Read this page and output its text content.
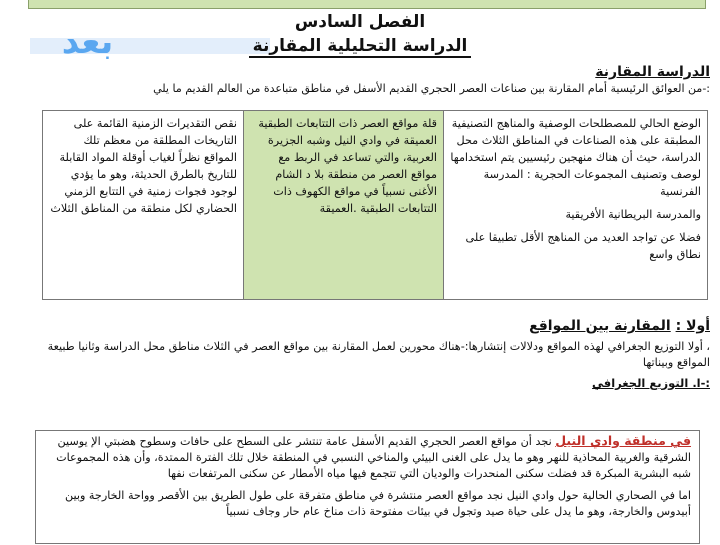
بعد	الفصل السادس
الدراسة التحليلية المقارنة
الدراسة المقارنة
:-من العوائق الرئيسية أمام المقارنة بين صناعات العصر الحجري القديم الأسفل في مناطق متباعدة من العالم القديم ما يلي

الوضع الحالي للمصطلحات الوصفية والمناهج التصنيفية المطبقة على هذه الصناعات في المناطق الثلاث محل الدراسة، حيث أن هناك منهجين رئيسيين يتم استخدامها لوصف وتصنيف المجموعات الحجرية : المدرسة الفرنسية

والمدرسة البريطانية الأفريقية

فضلا عن تواجد العديد من المناهج الأقل تطبيقا على نطاق واسع

قلة مواقع العصر ذات التتابعات الطبقية العميقة في وادي النيل وشبه الجزيرة العربية، والتي تساعد في الربط مع مواقع العصر من منطقة بلا د الشام الأغنى نسبياً في مواقع الكهوف ذات التتابعات الطبقية .العميقة

نقص التقديرات الزمنية القائمة على التاريخات المطلقة من معظم تلك المواقع نظراً لغياب أوقلة المواد القابلة للتاريخ بالطرق الحديثة، وهو ما يؤدي لوجود فجوات زمنية في التتابع الزمني الحضاري لكل منطقة من المناطق الثلاث

أولا : المقارنة بين المواقع
، أولا التوزيع الجغرافي لهذه المواقع ودلالات إنتشارها:-هناك محورين لعمل المقارنة بين مواقع العصر في الثلاث مناطق محل الدراسة وثانيا طبيعة المواقع وبيناتها
:-ا. التوزيع الجغرافي

في منطقة وادي النيل نجد أن مواقع العصر الحجري القديم الأسفل عامة تنتشر على السطح على حافات وسطوح هضبتي الإ يوسين الشرقية والغربية المحاذية للنهر وهو ما يدل على الغنى البيئي والمناخي النسبي في المنطقة خلال تلك الفترة الممتدة، وأن هذه المجموعات شبه البشرية المبكرة قد فضلت سكنى المنحدرات والوديان التي تتجمع فيها مياه الأمطار عن سكنى المرتفعات نفها

اما في الصحاري الحالية حول وادي النيل نجد مواقع العصر منتشرة في مناطق متفرقة على طول الطريق بين الأقصر وواحة الخارجة وبين أبيدوس والخارجة، وهو ما يدل على حياة صيد وتجول في بيئات مفتوحة ذات مناخ عام حار وجاف نسبياً
